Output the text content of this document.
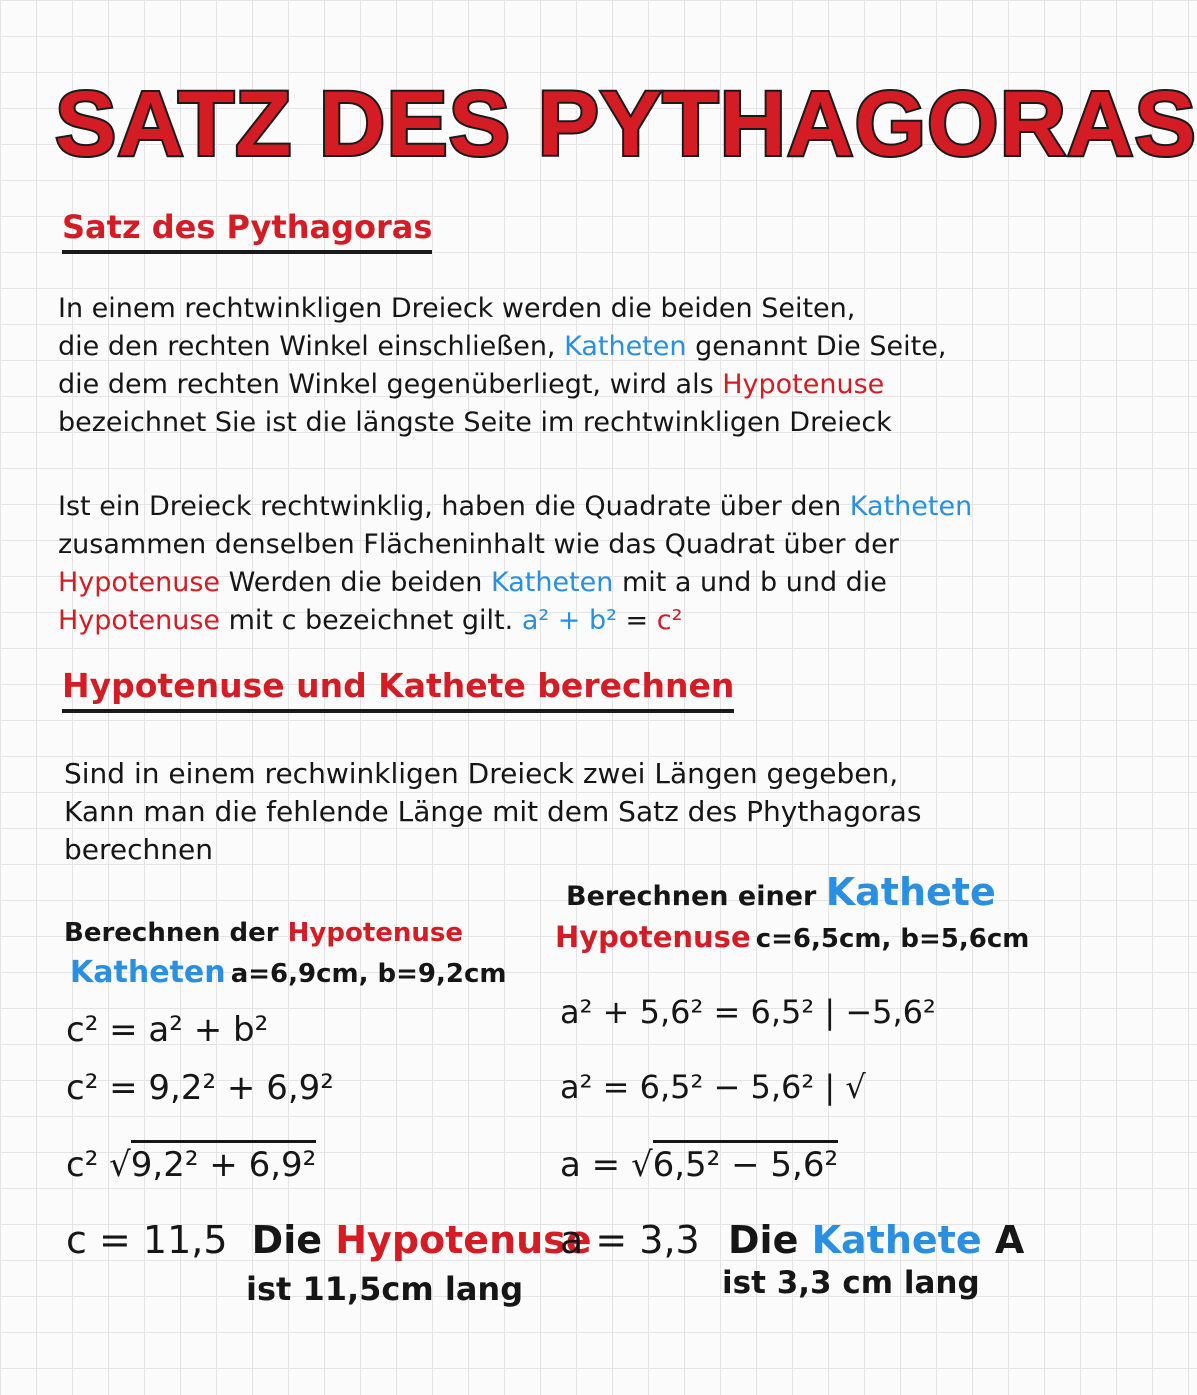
SATZ DES PYTHAGORAS
Satz des Pythagoras
In einem rechtwinkligen Dreieck werden die beiden Seiten,
die den rechten Winkel einschließen, Katheten genannt Die Seite,
die dem rechten Winkel gegenüberliegt, wird als Hypotenuse
bezeichnet Sie ist die längste Seite im rechtwinkligen Dreieck
Ist ein Dreieck rechtwinklig, haben die Quadrate über den Katheten
zusammen denselben Flächeninhalt wie das Quadrat über der
Hypotenuse Werden die beiden Katheten mit a und b und die
Hypotenuse mit c bezeichnet gilt. a² + b² = c²
Hypotenuse und Kathete berechnen
Sind in einem rechwinkligen Dreieck zwei Längen gegeben,
Kann man die fehlende Länge mit dem Satz des Phythagoras
berechnen
Berechnen der Hypotenuse
Katheten a=6,9cm, b=9,2cm
c² = a² + b²
c² = 9,2² + 6,9²
c² √9,2² + 6,9²
c = 11,5 Die Hypotenuse
ist 11,5cm lang
Berechnen einer Kathete
Hypotenuse c=6,5cm, b=5,6cm
a² + 5,6² = 6,5² | −5,6²
a² = 6,5² − 5,6² | √
a = √6,5² − 5,6²
a = 3,3 Die Kathete A
ist 3,3 cm lang
